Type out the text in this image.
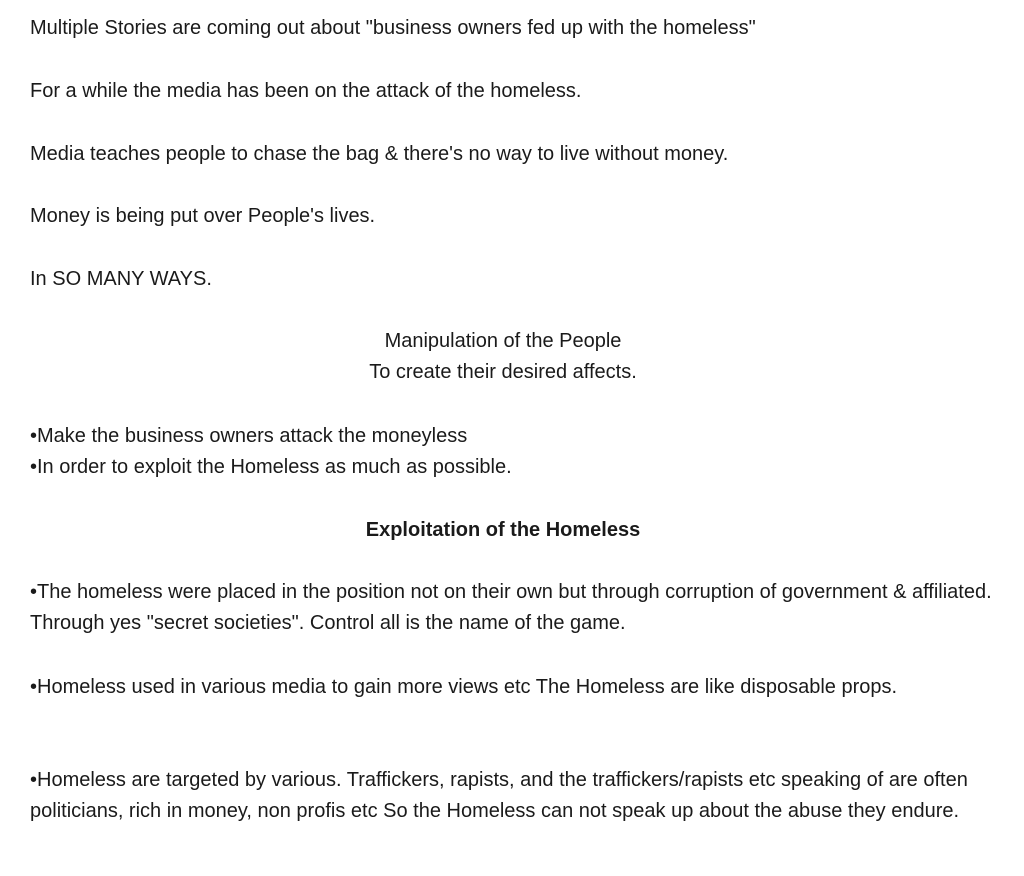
Multiple Stories are coming out about "business owners fed up with the homeless"
For a while the media has been on the attack of the homeless.
Media teaches people to chase the bag & there's no way to live without money.
Money is being put over People's lives.
In SO MANY WAYS.
Manipulation of the People
To create their desired affects.
•Make the business owners attack the moneyless
•In order to exploit the Homeless as much as possible.
Exploitation of the Homeless
•The homeless were placed in the position not on their own but through corruption of government & affiliated. Through yes "secret societies". Control all is the name of the game.
•Homeless used in various media to gain more views etc The Homeless are like disposable props.
•Homeless are targeted by various. Traffickers, rapists, and the traffickers/rapists etc speaking of are often politicians, rich in money, non profis etc So the Homeless can not speak up about the abuse they endure.
